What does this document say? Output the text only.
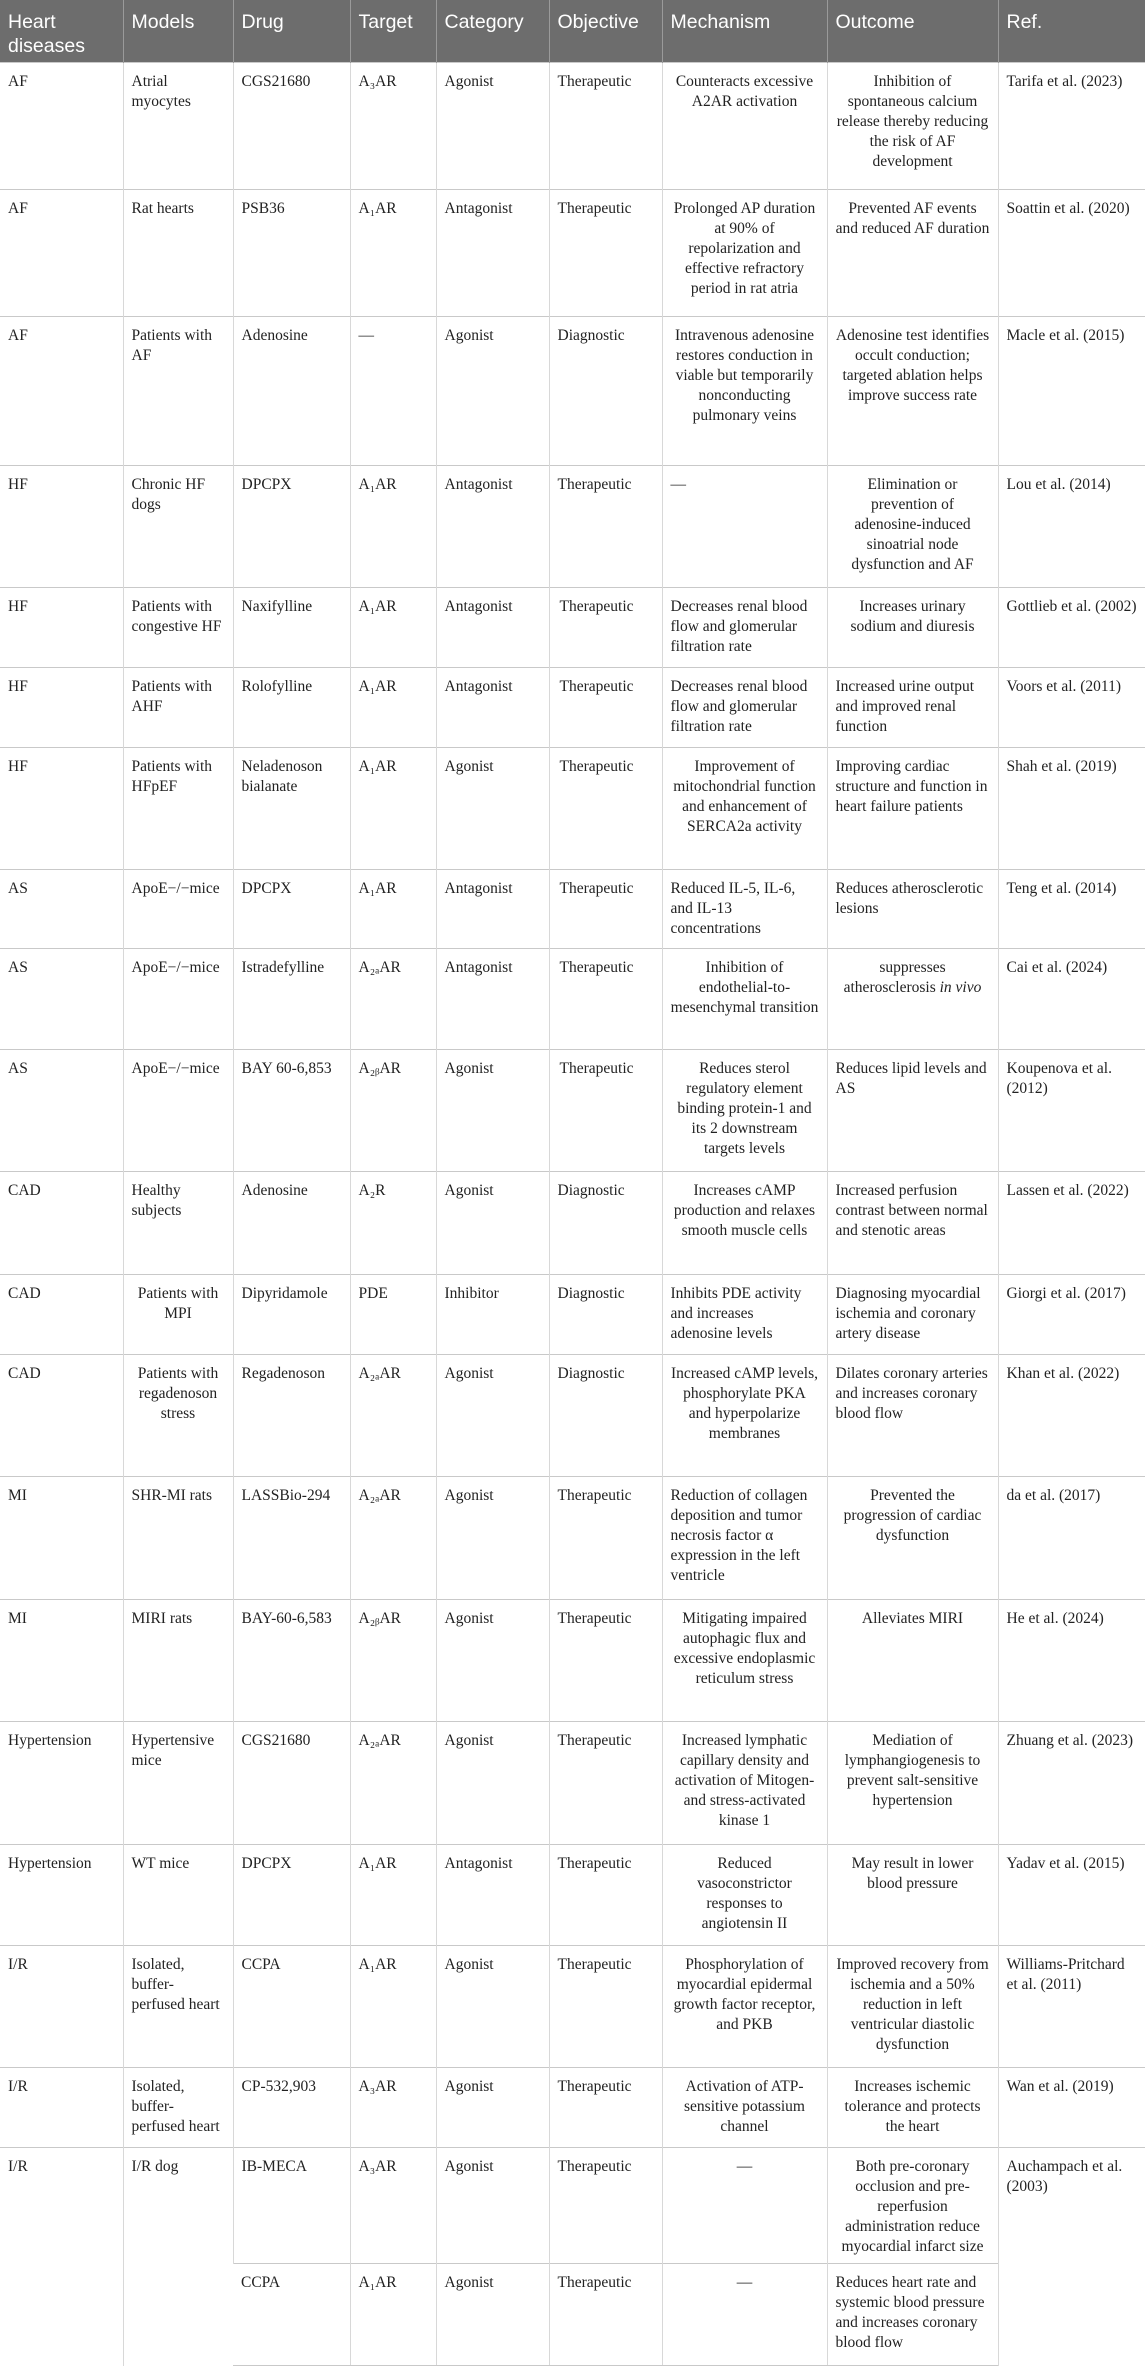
Heart diseases	Models	Drug	Target	Category	Objective	Mechanism	Outcome	Ref.
AF	Atrial myocytes	CGS21680	A₃AR	Agonist	Therapeutic	Counteracts excessive A2AR activation	Inhibition of spontaneous calcium release thereby reducing the risk of AF development	Tarifa et al. (2023)
AF	Rat hearts	PSB36	A₁AR	Antagonist	Therapeutic	Prolonged AP duration at 90% of repolarization and effective refractory period in rat atria	Prevented AF events and reduced AF duration	Soattin et al. (2020)
AF	Patients with AF	Adenosine	—	Agonist	Diagnostic	Intravenous adenosine restores conduction in viable but temporarily nonconducting pulmonary veins	Adenosine test identifies occult conduction; targeted ablation helps improve success rate	Macle et al. (2015)
HF	Chronic HF dogs	DPCPX	A₁AR	Antagonist	Therapeutic	—	Elimination or prevention of adenosine-induced sinoatrial node dysfunction and AF	Lou et al. (2014)
HF	Patients with congestive HF	Naxifylline	A₁AR	Antagonist	Therapeutic	Decreases renal blood flow and glomerular filtration rate	Increases urinary sodium and diuresis	Gottlieb et al. (2002)
HF	Patients with AHF	Rolofylline	A₁AR	Antagonist	Therapeutic	Decreases renal blood flow and glomerular filtration rate	Increased urine output and improved renal function	Voors et al. (2011)
HF	Patients with HFpEF	Neladenoson bialanate	A₁AR	Agonist	Therapeutic	Improvement of mitochondrial function and enhancement of SERCA2a activity	Improving cardiac structure and function in heart failure patients	Shah et al. (2019)
AS	ApoE−/−mice	DPCPX	A₁AR	Antagonist	Therapeutic	Reduced IL-5, IL-6, and IL-13 concentrations	Reduces atherosclerotic lesions	Teng et al. (2014)
AS	ApoE−/−mice	Istradefylline	A₂ₐAR	Antagonist	Therapeutic	Inhibition of endothelial-to-mesenchymal transition	suppresses atherosclerosis in vivo	Cai et al. (2024)
AS	ApoE−/−mice	BAY 60-6,853	A₂ᵦAR	Agonist	Therapeutic	Reduces sterol regulatory element binding protein-1 and its 2 downstream targets levels	Reduces lipid levels and AS	Koupenova et al. (2012)
CAD	Healthy subjects	Adenosine	A₂R	Agonist	Diagnostic	Increases cAMP production and relaxes smooth muscle cells	Increased perfusion contrast between normal and stenotic areas	Lassen et al. (2022)
CAD	Patients with MPI	Dipyridamole	PDE	Inhibitor	Diagnostic	Inhibits PDE activity and increases adenosine levels	Diagnosing myocardial ischemia and coronary artery disease	Giorgi et al. (2017)
CAD	Patients with regadenoson stress	Regadenoson	A₂ₐAR	Agonist	Diagnostic	Increased cAMP levels, phosphorylate PKA and hyperpolarize membranes	Dilates coronary arteries and increases coronary blood flow	Khan et al. (2022)
MI	SHR-MI rats	LASSBio-294	A₂ₐAR	Agonist	Therapeutic	Reduction of collagen deposition and tumor necrosis factor α expression in the left ventricle	Prevented the progression of cardiac dysfunction	da et al. (2017)
MI	MIRI rats	BAY-60-6,583	A₂ᵦAR	Agonist	Therapeutic	Mitigating impaired autophagic flux and excessive endoplasmic reticulum stress	Alleviates MIRI	He et al. (2024)
Hypertension	Hypertensive mice	CGS21680	A₂ₐAR	Agonist	Therapeutic	Increased lymphatic capillary density and activation of Mitogen- and stress-activated kinase 1	Mediation of lymphangiogenesis to prevent salt-sensitive hypertension	Zhuang et al. (2023)
Hypertension	WT mice	DPCPX	A₁AR	Antagonist	Therapeutic	Reduced vasoconstrictor responses to angiotensin II	May result in lower blood pressure	Yadav et al. (2015)
I/R	Isolated, buffer-perfused heart	CCPA	A₁AR	Agonist	Therapeutic	Phosphorylation of myocardial epidermal growth factor receptor, and PKB	Improved recovery from ischemia and a 50% reduction in left ventricular diastolic dysfunction	Williams-Pritchard et al. (2011)
I/R	Isolated, buffer-perfused heart	CP-532,903	A₃AR	Agonist	Therapeutic	Activation of ATP-sensitive potassium channel	Increases ischemic tolerance and protects the heart	Wan et al. (2019)
I/R	I/R dog	IB-MECA	A₃AR	Agonist	Therapeutic	—	Both pre-coronary occlusion and pre-reperfusion administration reduce myocardial infarct size	Auchampach et al. (2003)
		CCPA	A₁AR	Agonist	Therapeutic	—	Reduces heart rate and systemic blood pressure and increases coronary blood flow	
